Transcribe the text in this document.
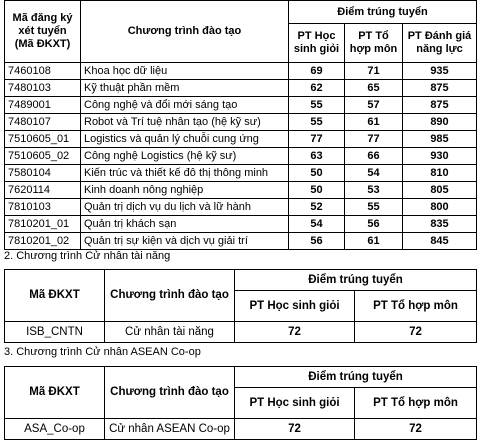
Mã đăng ký xét tuyển (Mã ĐKXT)	Chương trình đào tạo	Điểm trúng tuyển		
		PT Học sinh giỏi	PT Tổ hợp môn	PT Đánh giá năng lực
7460108	Khoa học dữ liệu	69	71	935
7480103	Kỹ thuật phần mềm	62	65	875
7489001	Công nghệ và đổi mới sáng tạo	55	57	875
7480107	Robot và Trí tuệ nhân tạo (hệ kỹ sư)	55	61	890
7510605_01	Logistics và quản lý chuỗi cung ứng	77	77	985
7510605_02	Công nghệ Logistics (hệ kỹ sư)	63	66	930
7580104	Kiến trúc và thiết kế đô thị thông minh	50	54	810
7620114	Kinh doanh nông nghiệp	50	53	805
7810103	Quản trị dịch vụ du lịch và lữ hành	52	55	800
7810201_01	Quản trị khách sạn	54	56	835
7810201_02	Quản trị sự kiện và dịch vụ giải trí	56	61	845
2. Chương trình Cử nhân tài năng
Mã ĐKXT	Chương trình đào tạo	Điểm trúng tuyển	
		PT Học sinh giỏi	PT Tổ hợp môn
ISB_CNTN	Cử nhân tài năng	72	72
3. Chương trình Cử nhân ASEAN Co-op
Mã ĐKXT	Chương trình đào tạo	Điểm trúng tuyển	
		PT Học sinh giỏi	PT Tổ hợp môn
ASA_Co-op	Cử nhân ASEAN Co-op	72	72
